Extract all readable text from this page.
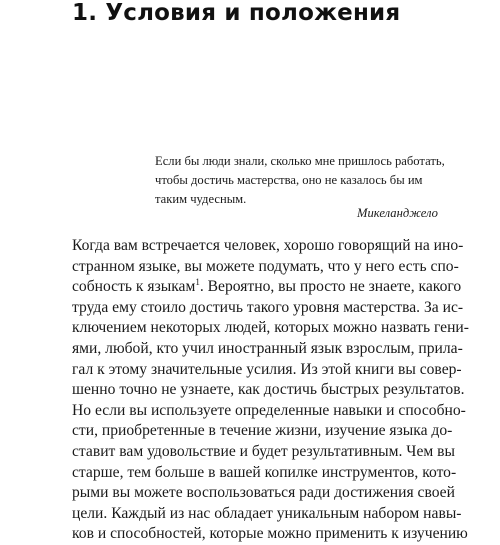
1. Условия и положения
Если бы люди знали, сколько мне пришлось работать,
чтобы достичь мастерства, оно не казалось бы им
таким чудесным.
Микеланджело
Когда вам встречается человек, хорошо говорящий на ино-
странном языке, вы можете подумать, что у него есть спо-
собность к языкам$^1$. Вероятно, вы просто не знаете, какого
труда ему стоило достичь такого уровня мастерства. За ис-
ключением некоторых людей, которых можно назвать гени-
ями, любой, кто учил иностранный язык взрослым, прила-
гал к этому значительные усилия. Из этой книги вы совер-
шенно точно не узнаете, как достичь быстрых результатов.
Но если вы используете определенные навыки и способно-
сти, приобретенные в течение жизни, изучение языка до-
ставит вам удовольствие и будет результативным. Чем вы
старше, тем больше в вашей копилке инструментов, кото-
рыми вы можете воспользоваться ради достижения своей
цели. Каждый из нас обладает уникальным набором навы-
ков и способностей, которые можно применить к изучению
